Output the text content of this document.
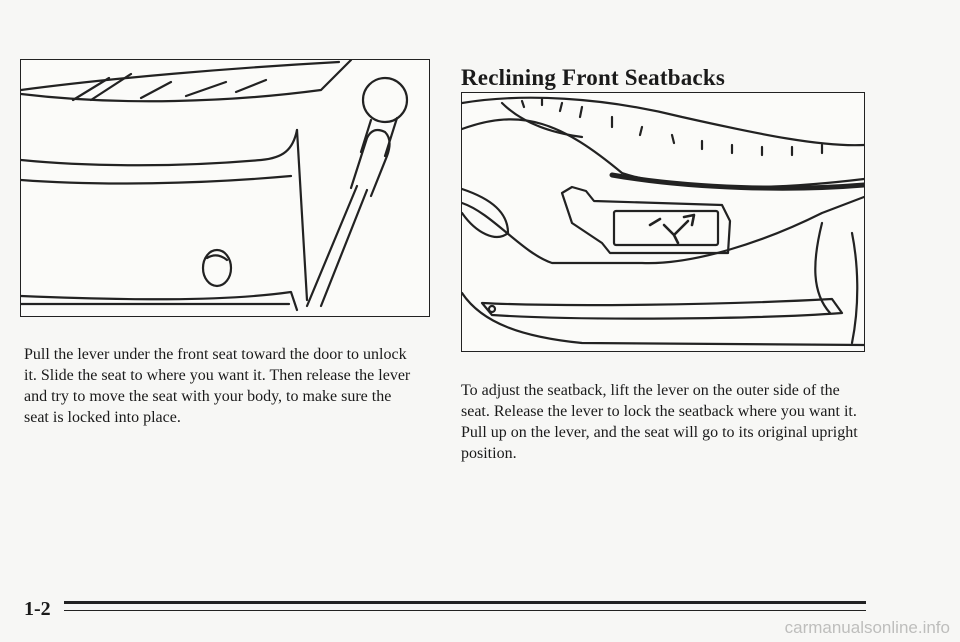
Reclining Front Seatbacks

Pull the lever under the front seat toward the door to unlock it. Slide the seat to where you want it. Then release the lever and try to move the seat with your body, to make sure the seat is locked into place.

To adjust the seatback, lift the lever on the outer side of the seat. Release the lever to lock the seatback where you want it. Pull up on the lever, and the seat will go to its original upright position.

1-2
carmanualsonline.info
